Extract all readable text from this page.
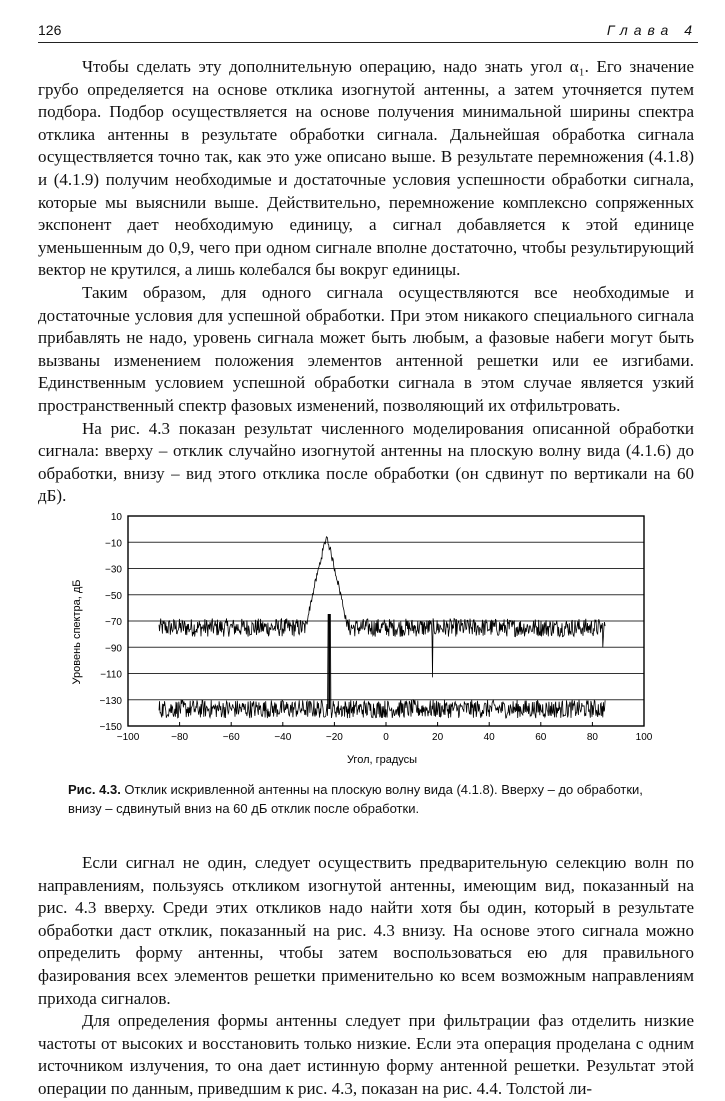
126	Глава 4

Чтобы сделать эту дополнительную операцию, надо знать угол α₁. Его значение грубо определяется на основе отклика изогнутой антенны, а затем уточняется путем подбора. Подбор осуществляется на основе получения минимальной ширины спектра отклика антенны в результате обработки сигнала. Дальнейшая обработка сигнала осуществляется точно так, как это уже описано выше. В результате перемножения (4.1.8) и (4.1.9) получим необходимые и достаточные условия успешности обработки сигнала, которые мы выяснили выше. Действительно, перемножение комплексно сопряженных экспонент дает необходимую единицу, а сигнал добавляется к этой единице уменьшенным до 0,9, чего при одном сигнале вполне достаточно, чтобы результирующий вектор не крутился, а лишь колебался бы вокруг единицы.

Таким образом, для одного сигнала осуществляются все необходимые и достаточные условия для успешной обработки. При этом никакого специального сигнала прибавлять не надо, уровень сигнала может быть любым, а фазовые набеги могут быть вызваны изменением положения элементов антенной решетки или ее изгибами. Единственным условием успешной обработки сигнала в этом случае является узкий пространственный спектр фазовых изменений, позволяющий их отфильтровать.

На рис. 4.3 показан результат численного моделирования описанной обработки сигнала: вверху – отклик случайно изогнутой антенны на плоскую волну вида (4.1.6) до обработки, внизу – вид этого отклика после обработки (он сдвинут по вертикали на 60 дБ).

10
−10
−30
−50
−70
−90
−110
−130
−150
−100	−80	−60	−40	−20	0	20	40	60	80	100
Уровень спектра, дБ
Угол, градусы
Рис. 4.3. Отклик искривленной антенны на плоскую волну вида (4.1.8). Вверху – до обработки, внизу – сдвинутый вниз на 60 дБ отклик после обработки.

Если сигнал не один, следует осуществить предварительную селекцию волн по направлениям, пользуясь откликом изогнутой антенны, имеющим вид, показанный на рис. 4.3 вверху. Среди этих откликов надо найти хотя бы один, который в результате обработки даст отклик, показанный на рис. 4.3 внизу. На основе этого сигнала можно определить форму антенны, чтобы затем воспользоваться ею для правильного фазирования всех элементов решетки применительно ко всем возможным направлениям прихода сигналов.

Для определения формы антенны следует при фильтрации фаз отделить низкие частоты от высоких и восстановить только низкие. Если эта операция проделана с одним источником излучения, то она дает истинную форму антенной решетки. Результат этой операции по данным, приведшим к рис. 4.3, показан на рис. 4.4. Толстой ли-
